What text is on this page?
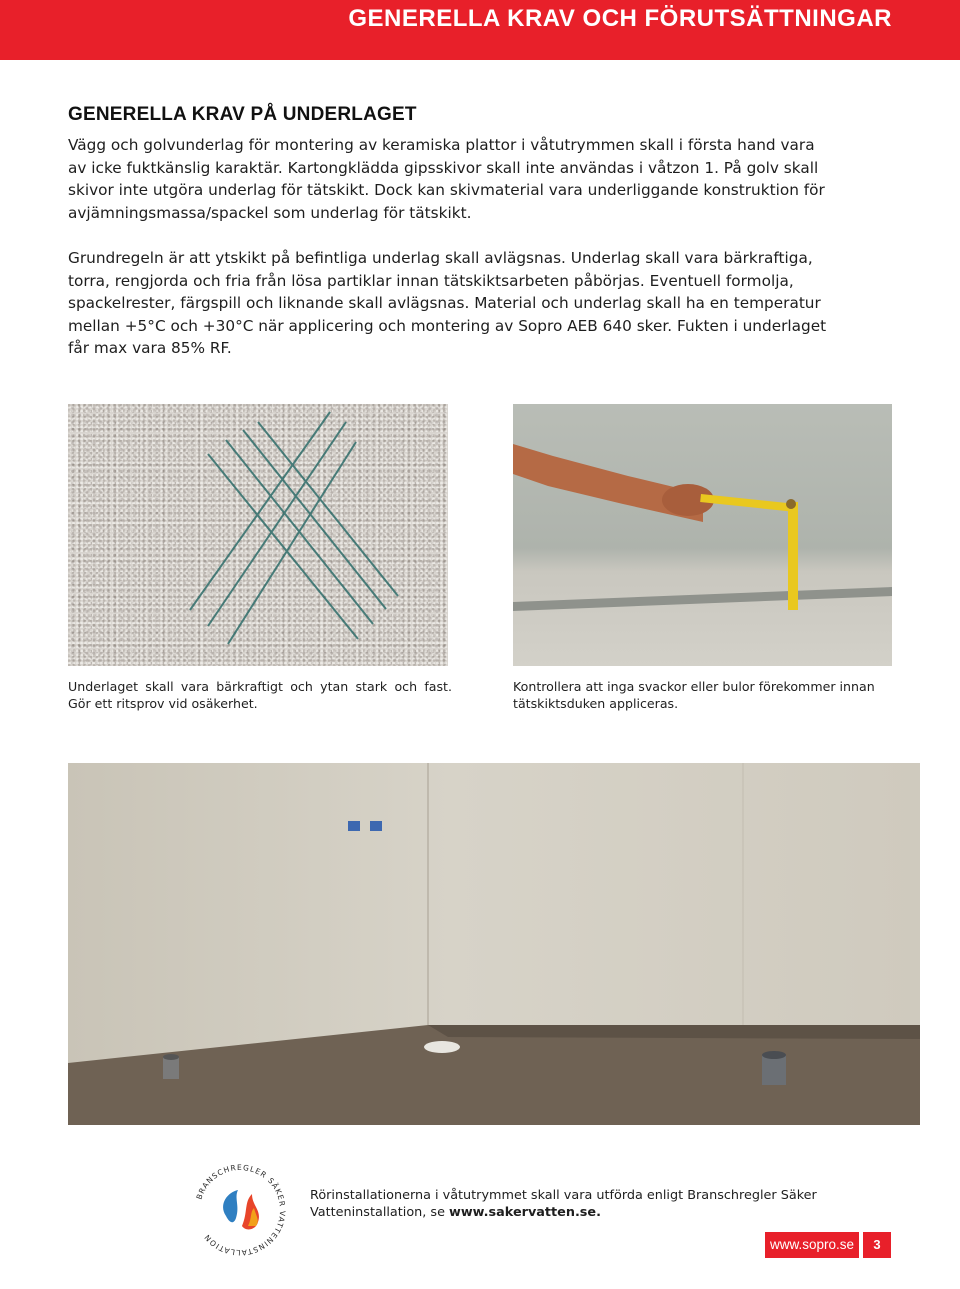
GENERELLA KRAV OCH FÖRUTSÄTTNINGAR
GENERELLA KRAV PÅ UNDERLAGET

Vägg och golvunderlag för montering av keramiska plattor i våtutrymmen skall i första hand vara av icke fuktkänslig karaktär. Kartongklädda gipsskivor skall inte användas i våtzon 1. På golv skall skivor inte utgöra underlag för tätskikt. Dock kan skivmaterial vara underliggande konstruktion för avjämningsmassa/spackel som underlag för tätskikt.

Grundregeln är att ytskikt på befintliga underlag skall avlägsnas. Underlag skall vara bärkraftiga, torra, rengjorda och fria från lösa partiklar innan tätskiktsarbeten påbörjas. Eventuell formolja, spackelrester, färgspill och liknande skall avlägsnas. Material och underlag skall ha en temperatur mellan +5°C och +30°C när applicering och montering av Sopro AEB 640 sker. Fukten i underlaget får max vara 85% RF.

Underlaget skall vara bärkraftigt och ytan stark och fast. Gör ett ritsprov vid osäkerhet.

Kontrollera att inga svackor eller bulor förekommer innan tätskiktsduken appliceras.

BRANSCHREGLER SÄKER VATTENINSTALLATION

Rörinstallationerna i våtutrymmet skall vara utförda enligt Branschregler Säker Vatteninstallation, se www.sakervatten.se.

www.sopro.se	3
